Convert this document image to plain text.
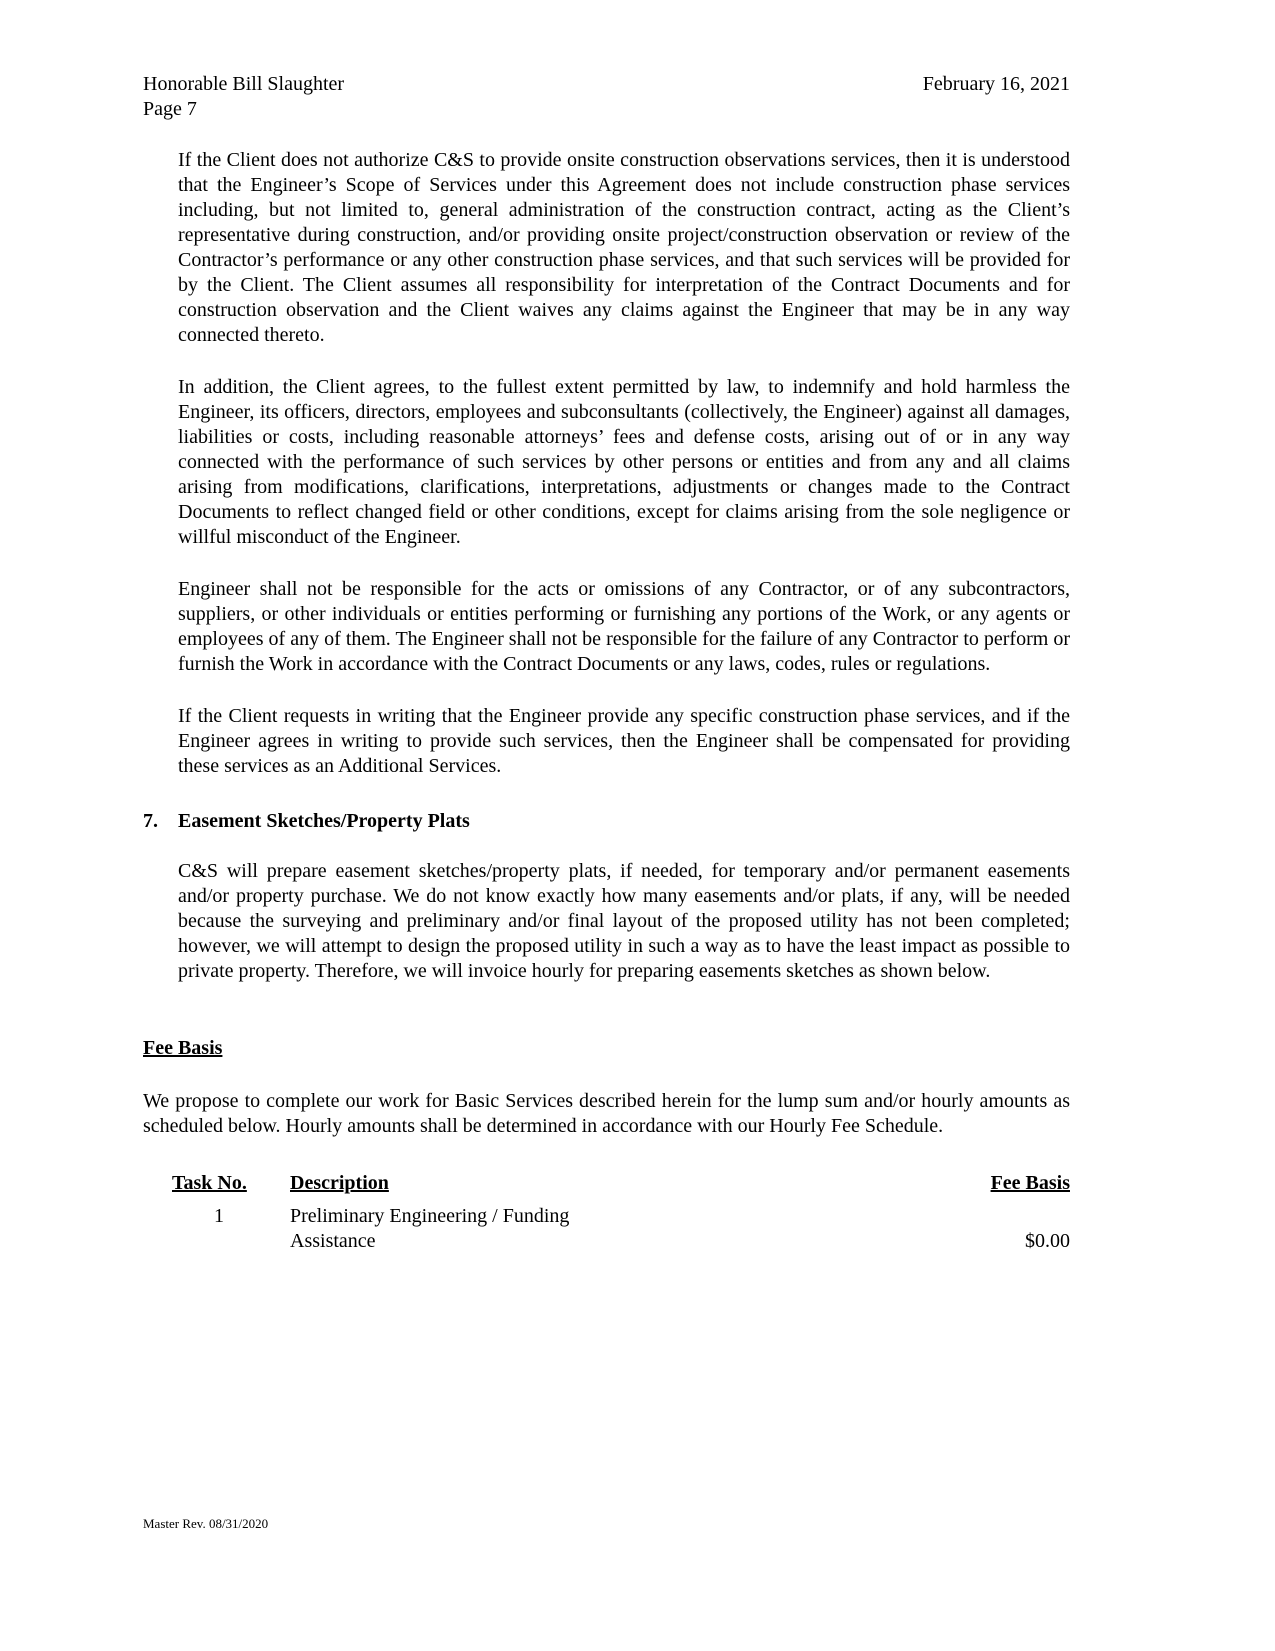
Honorable Bill Slaughter
Page 7
February 16, 2021

If the Client does not authorize C&S to provide onsite construction observations services, then it is understood that the Engineer’s Scope of Services under this Agreement does not include construction phase services including, but not limited to, general administration of the construction contract, acting as the Client’s representative during construction, and/or providing onsite project/construction observation or review of the Contractor’s performance or any other construction phase services, and that such services will be provided for by the Client. The Client assumes all responsibility for interpretation of the Contract Documents and for construction observation and the Client waives any claims against the Engineer that may be in any way connected thereto.

In addition, the Client agrees, to the fullest extent permitted by law, to indemnify and hold harmless the Engineer, its officers, directors, employees and subconsultants (collectively, the Engineer) against all damages, liabilities or costs, including reasonable attorneys’ fees and defense costs, arising out of or in any way connected with the performance of such services by other persons or entities and from any and all claims arising from modifications, clarifications, interpretations, adjustments or changes made to the Contract Documents to reflect changed field or other conditions, except for claims arising from the sole negligence or willful misconduct of the Engineer.

Engineer shall not be responsible for the acts or omissions of any Contractor, or of any subcontractors, suppliers, or other individuals or entities performing or furnishing any portions of the Work, or any agents or employees of any of them. The Engineer shall not be responsible for the failure of any Contractor to perform or furnish the Work in accordance with the Contract Documents or any laws, codes, rules or regulations.

If the Client requests in writing that the Engineer provide any specific construction phase services, and if the Engineer agrees in writing to provide such services, then the Engineer shall be compensated for providing these services as an Additional Services.

7.	Easement Sketches/Property Plats

C&S will prepare easement sketches/property plats, if needed, for temporary and/or permanent easements and/or property purchase. We do not know exactly how many easements and/or plats, if any, will be needed because the surveying and preliminary and/or final layout of the proposed utility has not been completed; however, we will attempt to design the proposed utility in such a way as to have the least impact as possible to private property. Therefore, we will invoice hourly for preparing easements sketches as shown below.

Fee Basis

We propose to complete our work for Basic Services described herein for the lump sum and/or hourly amounts as scheduled below. Hourly amounts shall be determined in accordance with our Hourly Fee Schedule.

Task No.	Description	Fee Basis
1	Preliminary Engineering / Funding Assistance	$0.00
Master Rev. 08/31/2020
